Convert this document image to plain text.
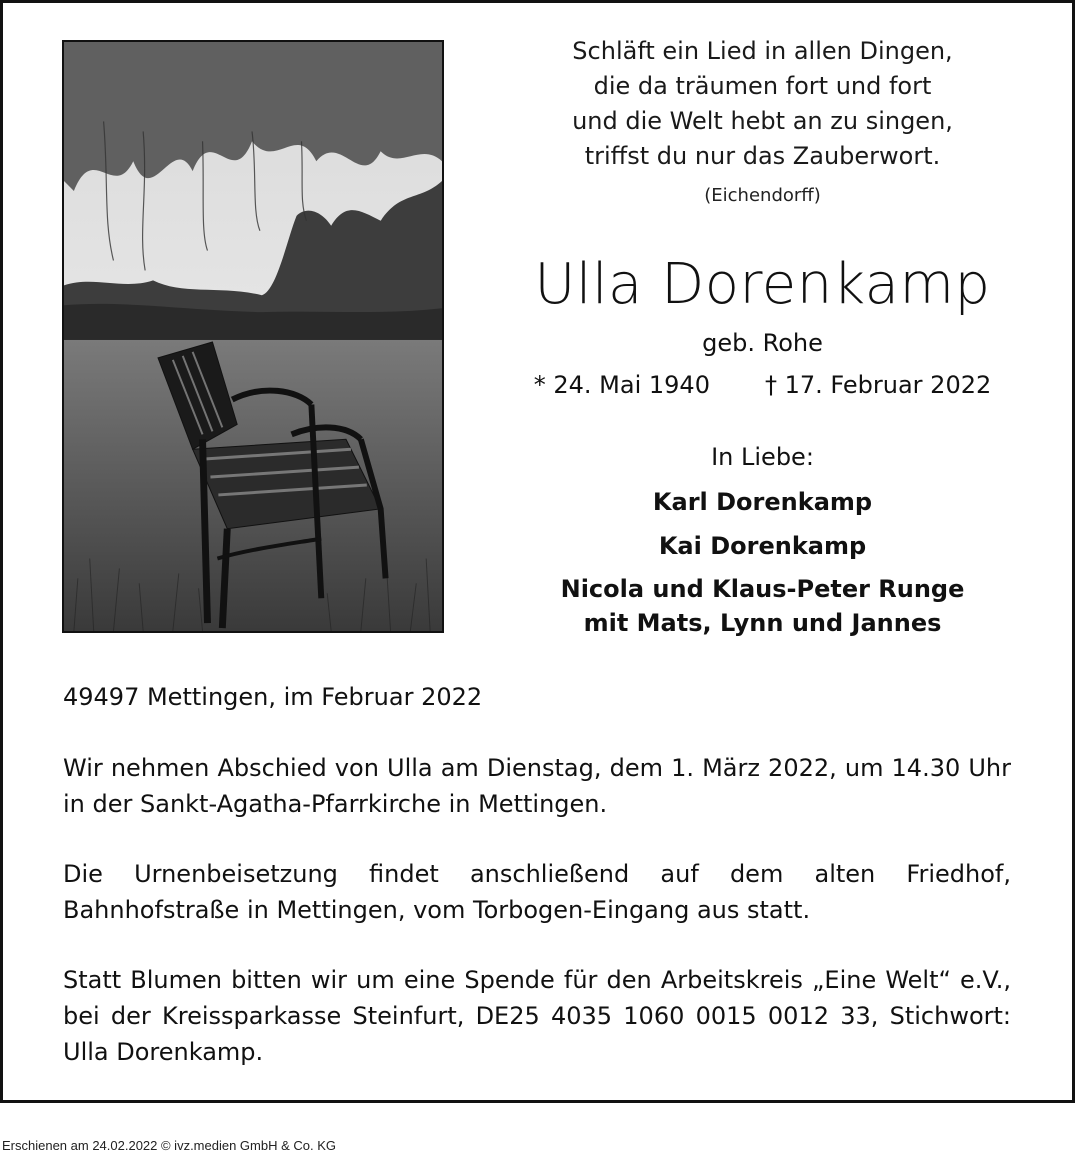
Schläft ein Lied in allen Dingen,
die da träumen fort und fort
und die Welt hebt an zu singen,
triffst du nur das Zauberwort.
(Eichendorff)
Ulla Dorenkamp
geb. Rohe
* 24. Mai 1940 † 17. Februar 2022
In Liebe:
Karl Dorenkamp
Kai Dorenkamp
Nicola und Klaus-Peter Runge
mit Mats, Lynn und Jannes
49497 Mettingen, im Februar 2022
Wir nehmen Abschied von Ulla am Dienstag, dem 1. März 2022, um 14.30 Uhr in der Sankt-Agatha-Pfarrkirche in Mettingen.
Die Urnenbeisetzung findet anschließend auf dem alten Friedhof, Bahnhofstraße in Mettingen, vom Torbogen-Eingang aus statt.
Statt Blumen bitten wir um eine Spende für den Arbeitskreis „Eine Welt“ e.V., bei der Kreissparkasse Steinfurt, DE25 4035 1060 0015 0012 33, Stichwort: Ulla Dorenkamp.
Erschienen am 24.02.2022 © ivz.medien GmbH & Co. KG
